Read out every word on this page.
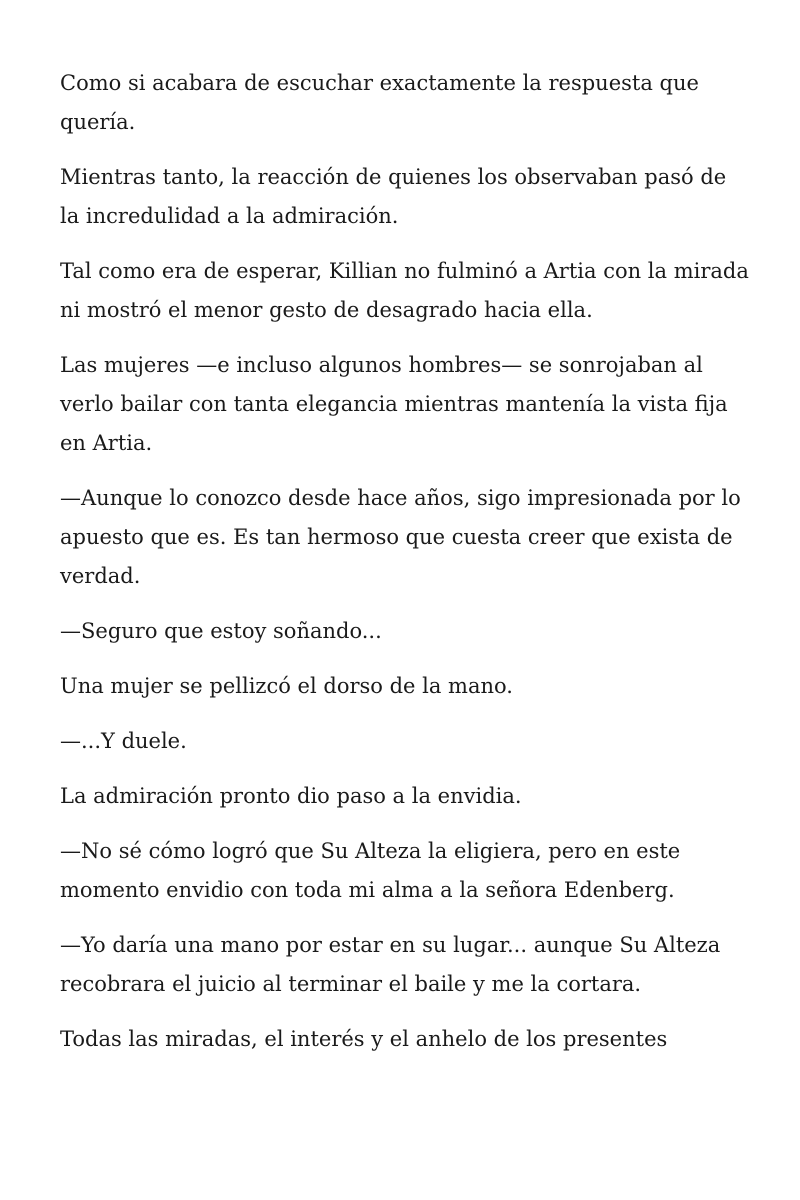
Como si acabara de escuchar exactamente la respuesta que quería.

Mientras tanto, la reacción de quienes los observaban pasó de la incredulidad a la admiración.

Tal como era de esperar, Killian no fulminó a Artia con la mirada ni mostró el menor gesto de desagrado hacia ella.

Las mujeres —e incluso algunos hombres— se sonrojaban al verlo bailar con tanta elegancia mientras mantenía la vista fija en Artia.

—Aunque lo conozco desde hace años, sigo impresionada por lo apuesto que es. Es tan hermoso que cuesta creer que exista de verdad.

—Seguro que estoy soñando...

Una mujer se pellizcó el dorso de la mano.

—...Y duele.

La admiración pronto dio paso a la envidia.

—No sé cómo logró que Su Alteza la eligiera, pero en este momento envidio con toda mi alma a la señora Edenberg.

—Yo daría una mano por estar en su lugar... aunque Su Alteza recobrara el juicio al terminar el baile y me la cortara.

Todas las miradas, el interés y el anhelo de los presentes
